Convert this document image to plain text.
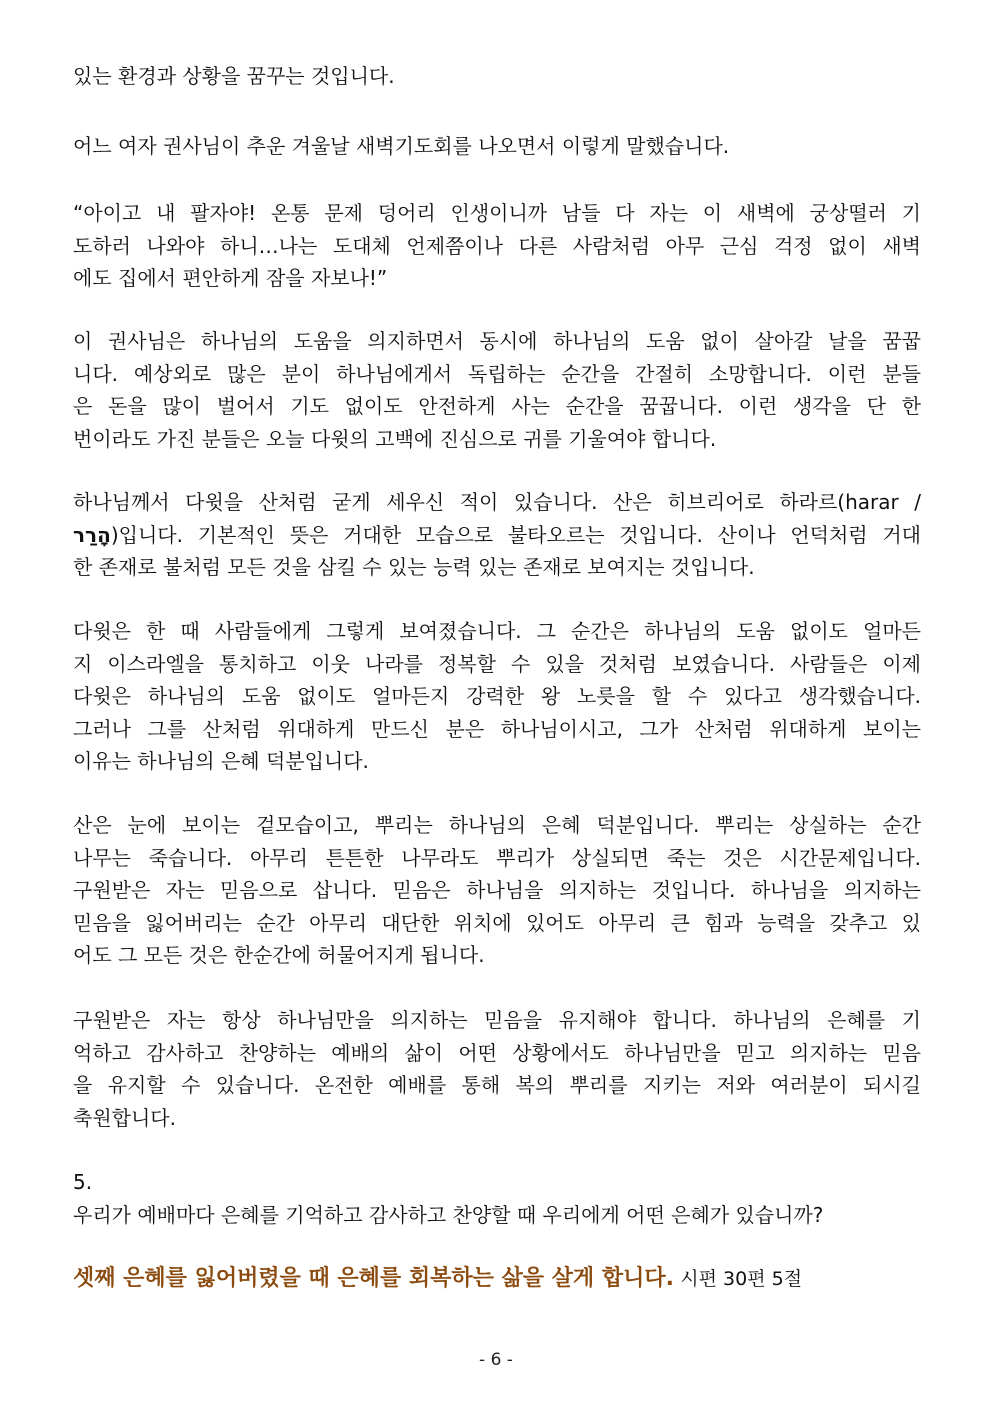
있는 환경과 상황을 꿈꾸는 것입니다.
어느 여자 권사님이 추운 겨울날 새벽기도회를 나오면서 이렇게 말했습니다.
“아이고 내 팔자야! 온통 문제 덩어리 인생이니까 남들 다 자는 이 새벽에 궁상떨러 기
도하러 나와야 하니…나는 도대체 언제쯤이나 다른 사람처럼 아무 근심 걱정 없이 새벽
에도 집에서 편안하게 잠을 자보나!”
이 권사님은 하나님의 도움을 의지하면서 동시에 하나님의 도움 없이 살아갈 날을 꿈꿉
니다. 예상외로 많은 분이 하나님에게서 독립하는 순간을 간절히 소망합니다. 이런 분들
은 돈을 많이 벌어서 기도 없이도 안전하게 사는 순간을 꿈꿉니다. 이런 생각을 단 한
번이라도 가진 분들은 오늘 다윗의 고백에 진심으로 귀를 기울여야 합니다.
하나님께서 다윗을 산처럼 굳게 세우신 적이 있습니다. 산은 히브리어로 하라르(harar /
הָרַר)입니다. 기본적인 뜻은 거대한 모습으로 불타오르는 것입니다. 산이나 언덕처럼 거대
한 존재로 불처럼 모든 것을 삼킬 수 있는 능력 있는 존재로 보여지는 것입니다.
다윗은 한 때 사람들에게 그렇게 보여졌습니다. 그 순간은 하나님의 도움 없이도 얼마든
지 이스라엘을 통치하고 이웃 나라를 정복할 수 있을 것처럼 보였습니다. 사람들은 이제
다윗은 하나님의 도움 없이도 얼마든지 강력한 왕 노릇을 할 수 있다고 생각했습니다.
그러나 그를 산처럼 위대하게 만드신 분은 하나님이시고, 그가 산처럼 위대하게 보이는
이유는 하나님의 은혜 덕분입니다.
산은 눈에 보이는 겉모습이고, 뿌리는 하나님의 은혜 덕분입니다. 뿌리는 상실하는 순간
나무는 죽습니다. 아무리 튼튼한 나무라도 뿌리가 상실되면 죽는 것은 시간문제입니다.
구원받은 자는 믿음으로 삽니다. 믿음은 하나님을 의지하는 것입니다. 하나님을 의지하는
믿음을 잃어버리는 순간 아무리 대단한 위치에 있어도 아무리 큰 힘과 능력을 갖추고 있
어도 그 모든 것은 한순간에 허물어지게 됩니다.
구원받은 자는 항상 하나님만을 의지하는 믿음을 유지해야 합니다. 하나님의 은혜를 기
억하고 감사하고 찬양하는 예배의 삶이 어떤 상황에서도 하나님만을 믿고 의지하는 믿음
을 유지할 수 있습니다. 온전한 예배를 통해 복의 뿌리를 지키는 저와 여러분이 되시길
축원합니다.
5.
우리가 예배마다 은혜를 기억하고 감사하고 찬양할 때 우리에게 어떤 은혜가 있습니까?
셋째 은혜를 잃어버렸을 때 은혜를 회복하는 삶을 살게 합니다. 시편 30편 5절
- 6 -
